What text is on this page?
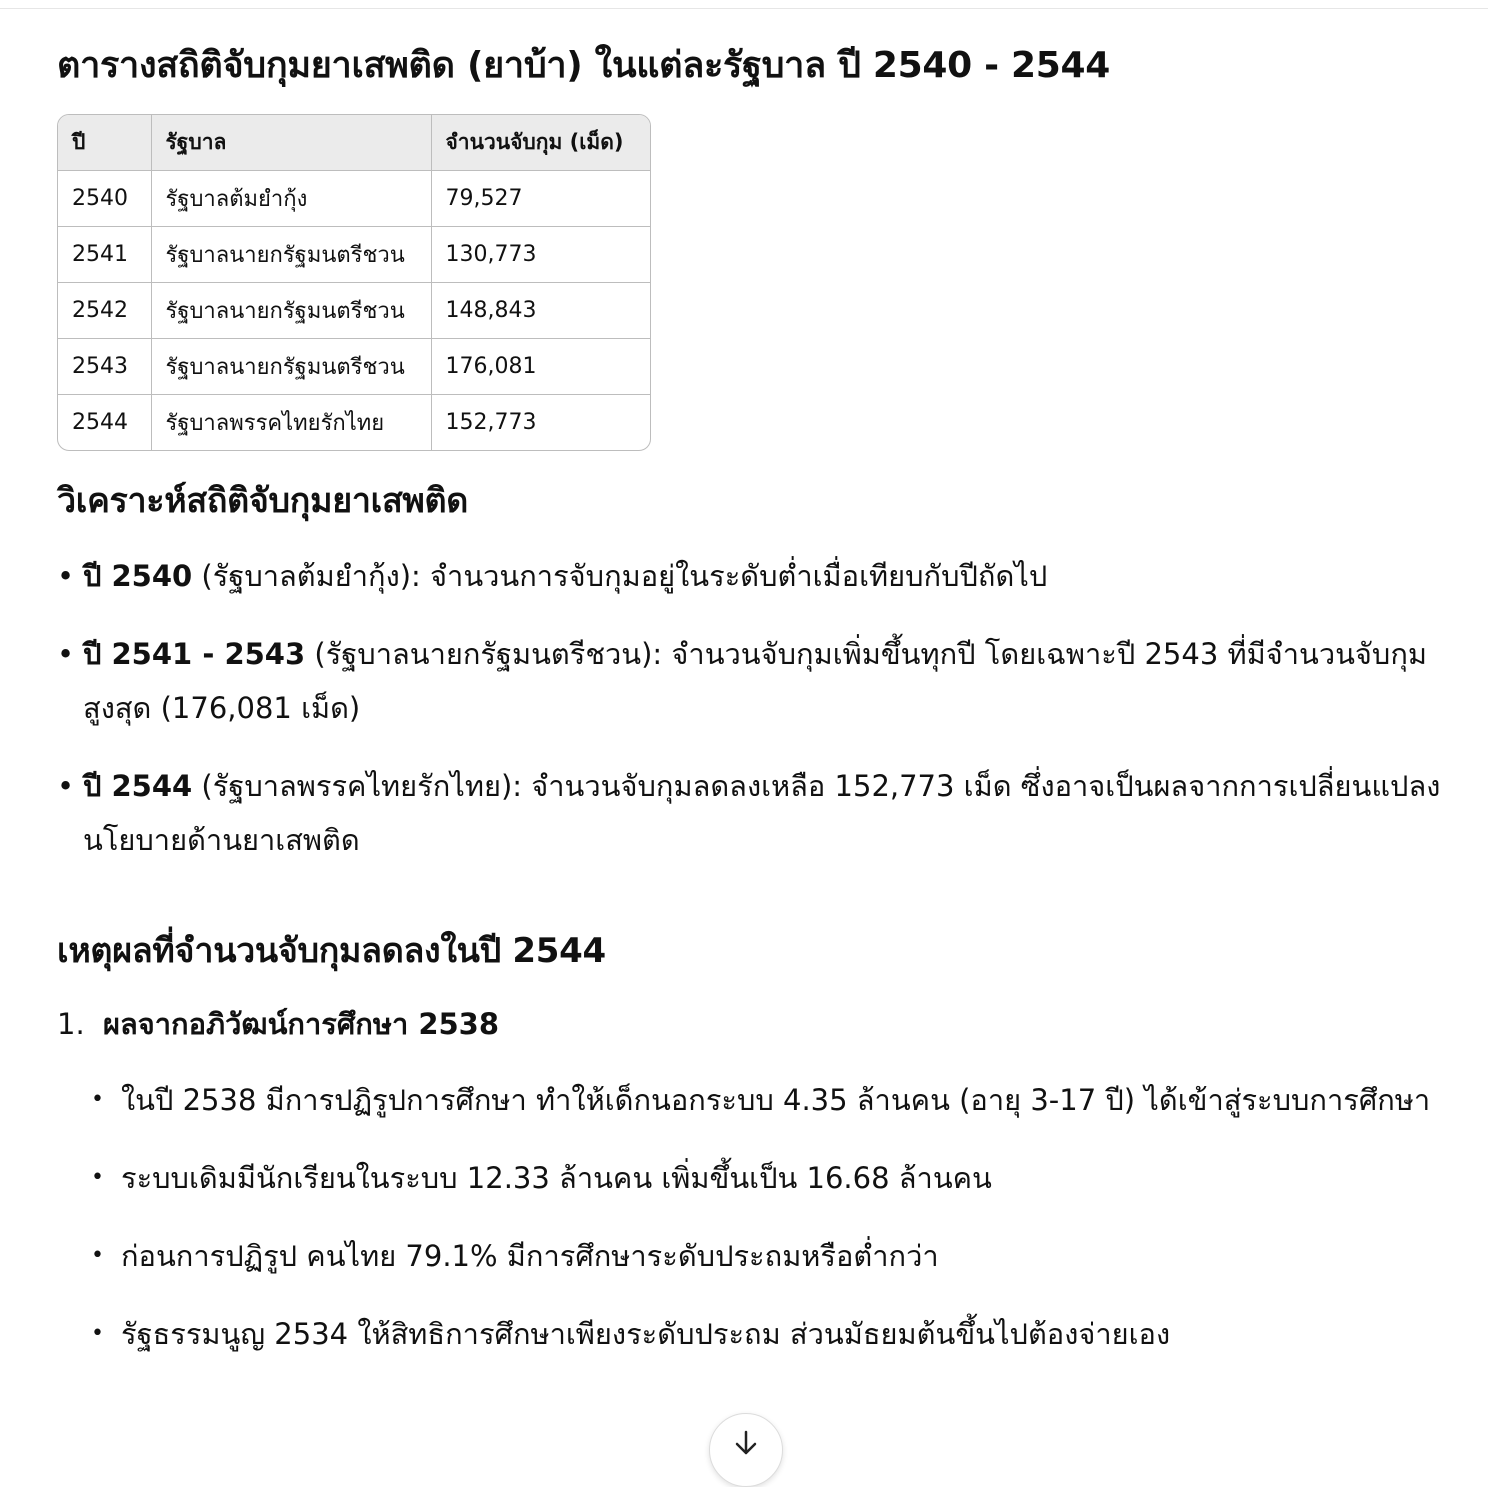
ตารางสถิติจับกุมยาเสพติด (ยาบ้า) ในแต่ละรัฐบาล ปี 2540 - 2544
ปี	รัฐบาล	จำนวนจับกุม (เม็ด)
2540	รัฐบาลต้มยำกุ้ง	79,527
2541	รัฐบาลนายกรัฐมนตรีชวน	130,773
2542	รัฐบาลนายกรัฐมนตรีชวน	148,843
2543	รัฐบาลนายกรัฐมนตรีชวน	176,081
2544	รัฐบาลพรรคไทยรักไทย	152,773
วิเคราะห์สถิติจับกุมยาเสพติด
• ปี 2540 (รัฐบาลต้มยำกุ้ง): จำนวนการจับกุมอยู่ในระดับต่ำเมื่อเทียบกับปีถัดไป
• ปี 2541 - 2543 (รัฐบาลนายกรัฐมนตรีชวน): จำนวนจับกุมเพิ่มขึ้นทุกปี โดยเฉพาะปี 2543 ที่มีจำนวนจับกุมสูงสุด (176,081 เม็ด)
• ปี 2544 (รัฐบาลพรรคไทยรักไทย): จำนวนจับกุมลดลงเหลือ 152,773 เม็ด ซึ่งอาจเป็นผลจากการเปลี่ยนแปลงนโยบายด้านยาเสพติด
เหตุผลที่จำนวนจับกุมลดลงในปี 2544
1. ผลจากอภิวัฒน์การศึกษา 2538
• ในปี 2538 มีการปฏิรูปการศึกษา ทำให้เด็กนอกระบบ 4.35 ล้านคน (อายุ 3-17 ปี) ได้เข้าสู่ระบบการศึกษา
• ระบบเดิมมีนักเรียนในระบบ 12.33 ล้านคน เพิ่มขึ้นเป็น 16.68 ล้านคน
• ก่อนการปฏิรูป คนไทย 79.1% มีการศึกษาระดับประถมหรือต่ำกว่า
• รัฐธรรมนูญ 2534 ให้สิทธิการศึกษาเพียงระดับประถม ส่วนมัธยมต้นขึ้นไปต้องจ่ายเอง
